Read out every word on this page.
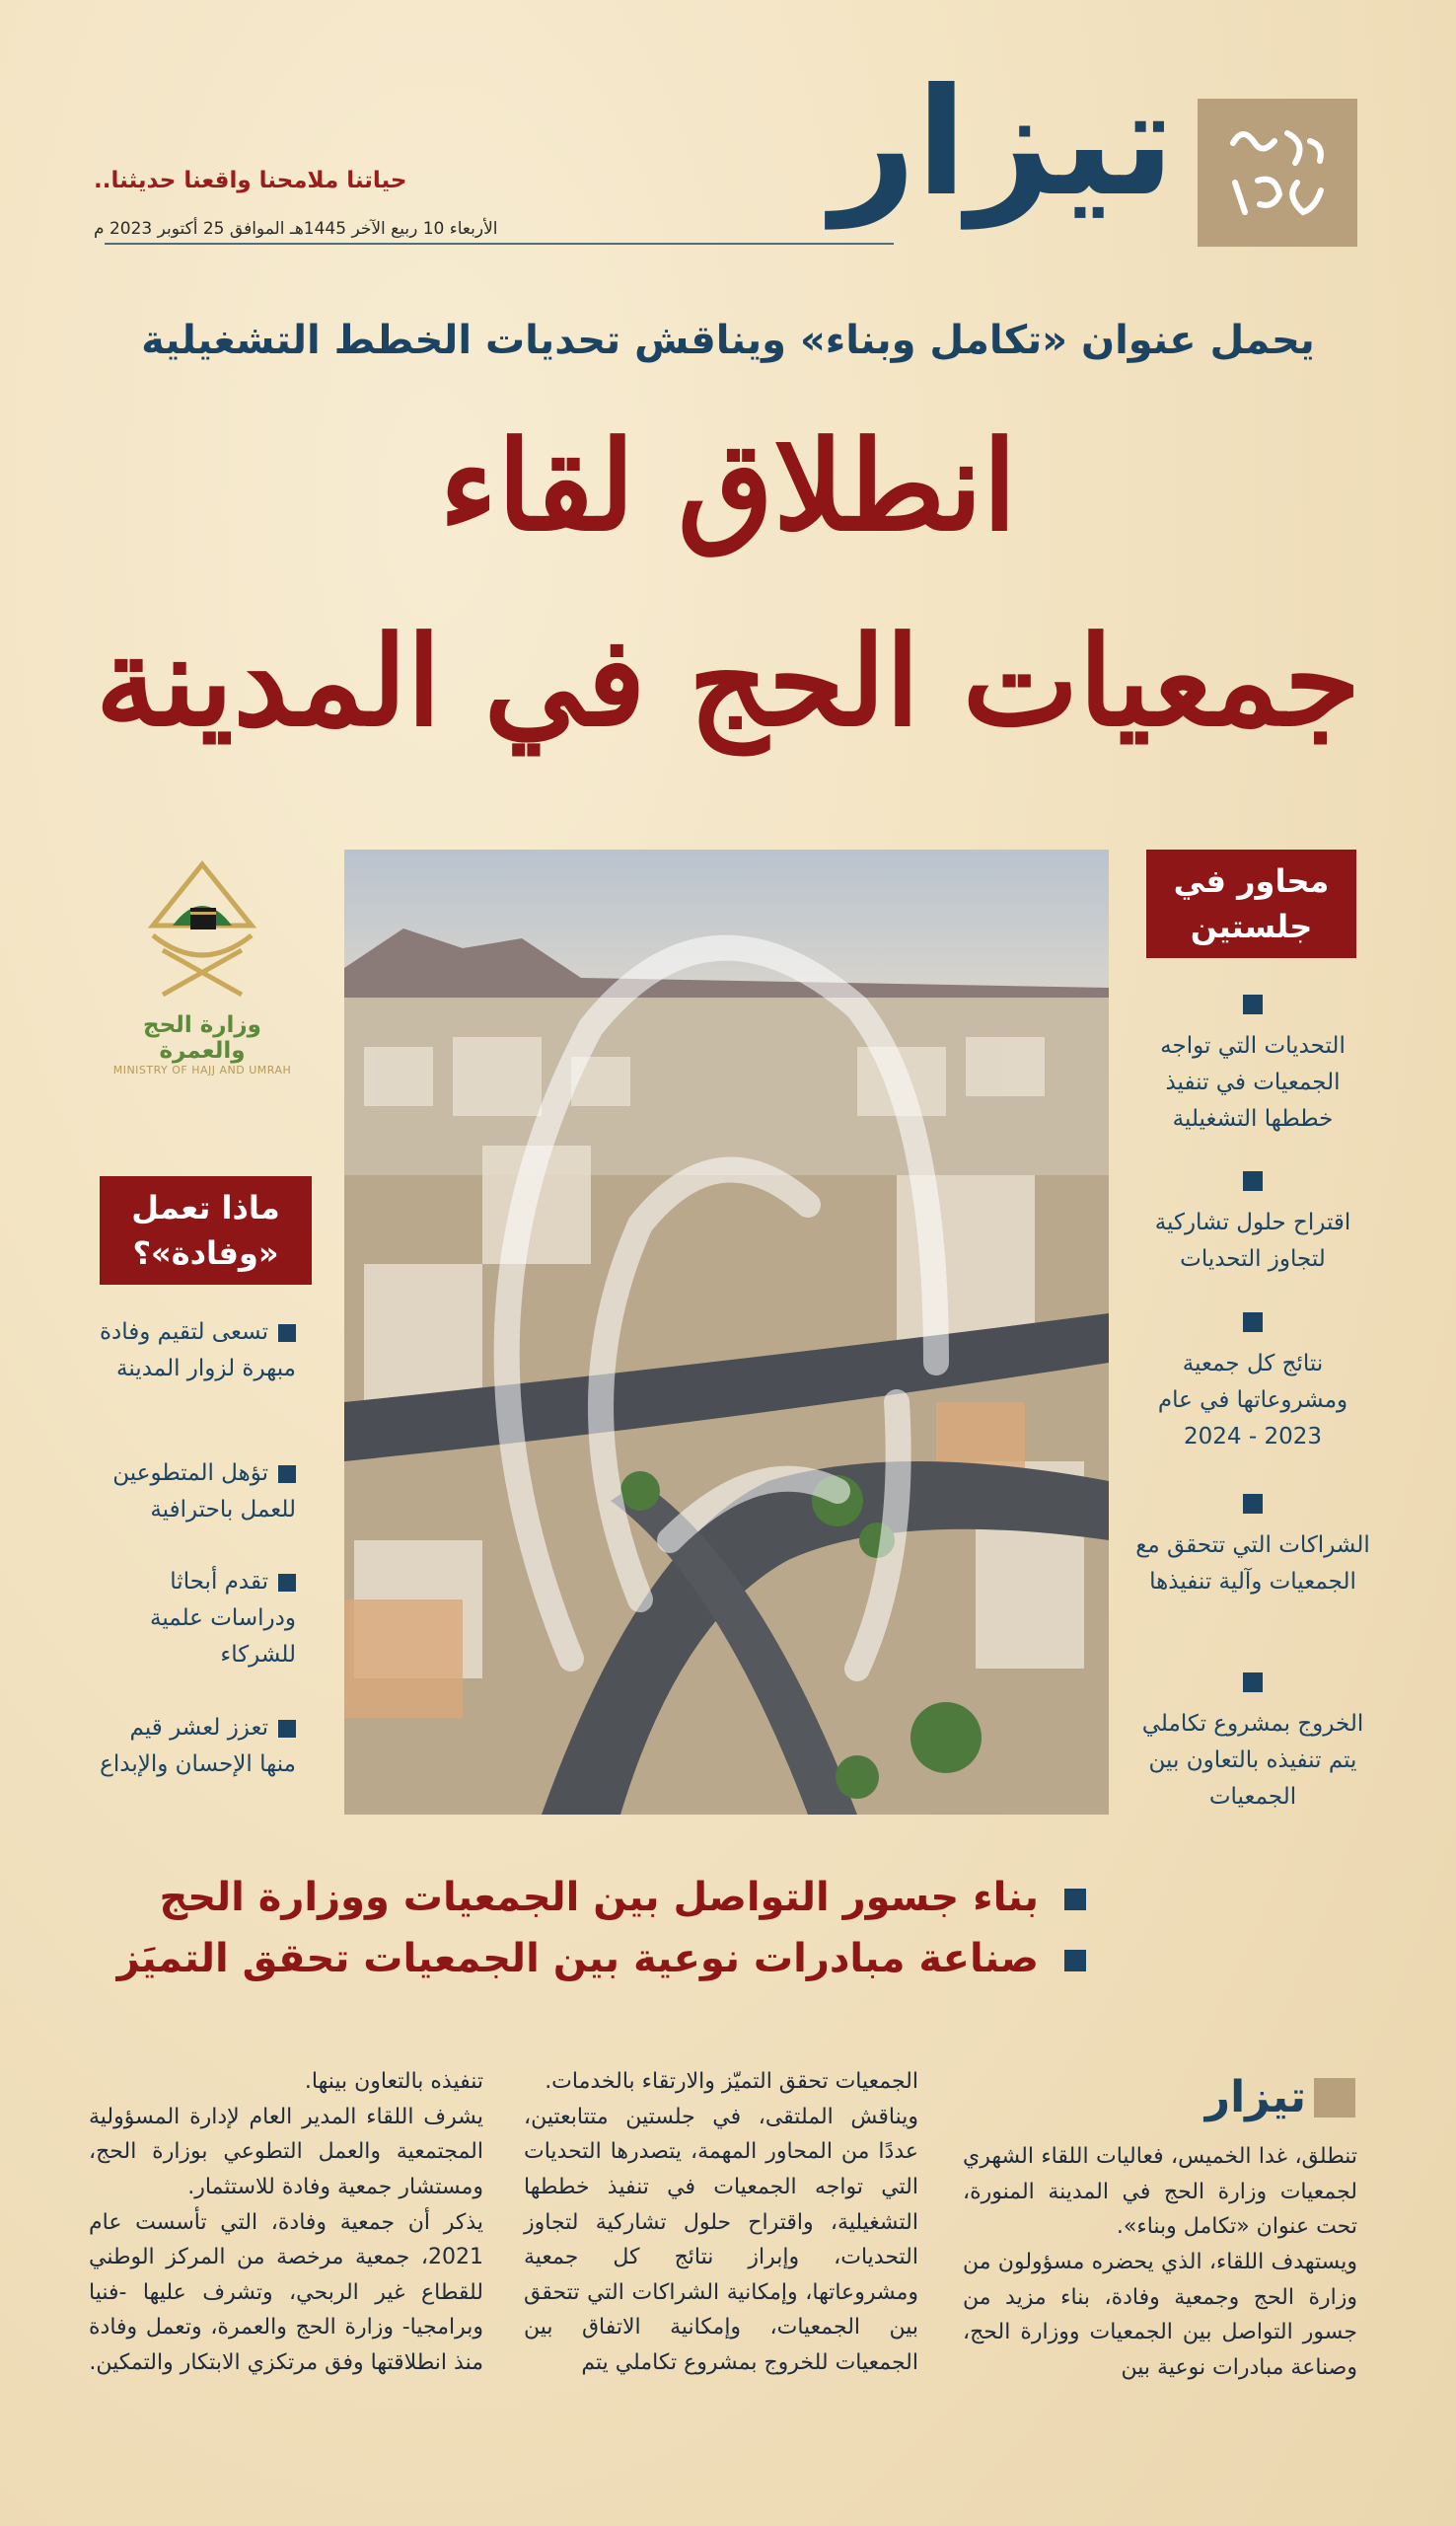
تيزار
حياتنا ملامحنا واقعنا حديثنا..
الأربعاء 10 ربيع الآخر 1445هـ الموافق 25 أكتوبر 2023 م
يحمل عنوان «تكامل وبناء» ويناقش تحديات الخطط التشغيلية
انطلاق لقاء
جمعيات الحج في المدينة
وزارة الحج والعمرة
MINISTRY OF HAJJ AND UMRAH
محاور في جلستين
التحديات التي تواجه الجمعيات في تنفيذ خططها التشغيلية
اقتراح حلول تشاركية لتجاوز التحديات
نتائج كل جمعية ومشروعاتها في عام 2023 - 2024
الشراكات التي تتحقق مع الجمعيات وآلية تنفيذها
الخروج بمشروع تكاملي يتم تنفيذه بالتعاون بين الجمعيات
ماذا تعمل «وفادة»؟
تسعى لتقيم وفادة مبهرة لزوار المدينة
تؤهل المتطوعين للعمل باحترافية
تقدم أبحاثا ودراسات علمية للشركاء
تعزز لعشر قيم منها الإحسان والإبداع
بناء جسور التواصل بين الجمعيات ووزارة الحج
صناعة مبادرات نوعية بين الجمعيات تحقق التميَز
تيزار

تنطلق، غدا الخميس، فعاليات اللقاء الشهري لجمعيات وزارة الحج في المدينة المنورة، تحت عنوان «تكامل وبناء».

ويستهدف اللقاء، الذي يحضره مسؤولون من وزارة الحج وجمعية وفادة، بناء مزيد من جسور التواصل بين الجمعيات ووزارة الحج، وصناعة مبادرات نوعية بين

الجمعيات تحقق التميّز والارتقاء بالخدمات.

ويناقش الملتقى، في جلستين متتابعتين، عددًا من المحاور المهمة، يتصدرها التحديات التي تواجه الجمعيات في تنفيذ خططها التشغيلية، واقتراح حلول تشاركية لتجاوز التحديات، وإبراز نتائج كل جمعية ومشروعاتها، وإمكانية الشراكات التي تتحقق بين الجمعيات، وإمكانية الاتفاق بين الجمعيات للخروج بمشروع تكاملي يتم

تنفيذه بالتعاون بينها.

يشرف اللقاء المدير العام لإدارة المسؤولية المجتمعية والعمل التطوعي بوزارة الحج، ومستشار جمعية وفادة للاستثمار.

يذكر أن جمعية وفادة، التي تأسست عام 2021، جمعية مرخصة من المركز الوطني للقطاع غير الربحي، وتشرف عليها -فنيا وبرامجيا- وزارة الحج والعمرة، وتعمل وفادة منذ انطلاقتها وفق مرتكزي الابتكار والتمكين.
